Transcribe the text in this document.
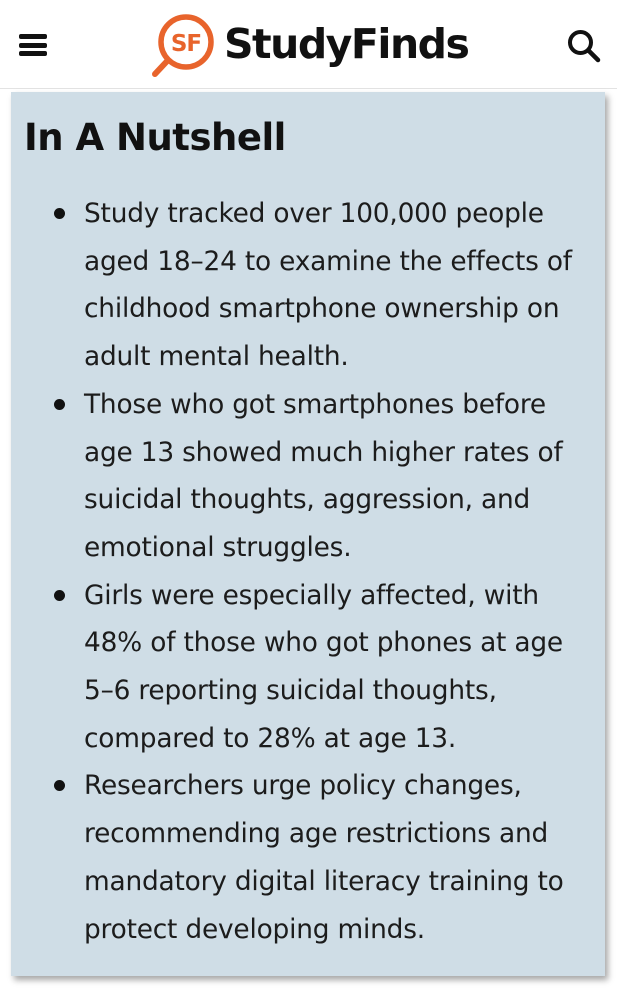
SF StudyFinds
In A Nutshell
Study tracked over 100,000 people aged 18–24 to examine the effects of childhood smartphone ownership on adult mental health.
Those who got smartphones before age 13 showed much higher rates of suicidal thoughts, aggression, and emotional struggles.
Girls were especially affected, with 48% of those who got phones at age 5–6 reporting suicidal thoughts, compared to 28% at age 13.
Researchers urge policy changes, recommending age restrictions and mandatory digital literacy training to protect developing minds.
